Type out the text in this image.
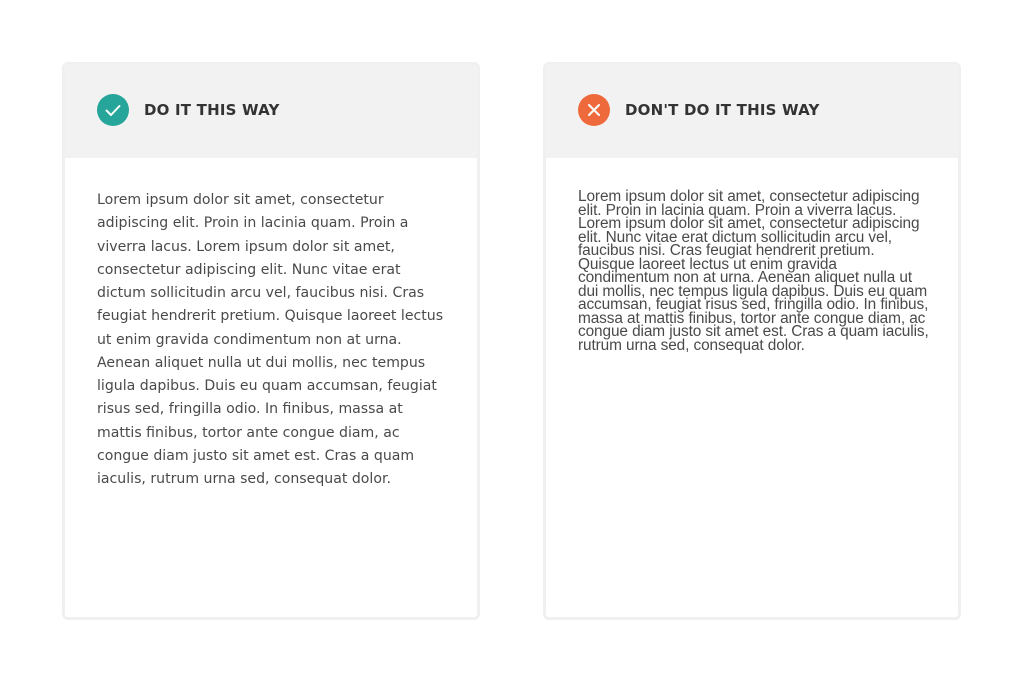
DO IT THIS WAY

Lorem ipsum dolor sit amet, consectetur adipiscing elit. Proin in lacinia quam. Proin a viverra lacus. Lorem ipsum dolor sit amet, consectetur adipiscing elit. Nunc vitae erat dictum sollicitudin arcu vel, faucibus nisi. Cras feugiat hendrerit pretium. Quisque laoreet lectus ut enim gravida condimentum non at urna. Aenean aliquet nulla ut dui mollis, nec tempus ligula dapibus. Duis eu quam accumsan, feugiat risus sed, fringilla odio. In finibus, massa at mattis finibus, tortor ante congue diam, ac congue diam justo sit amet est. Cras a quam iaculis, rutrum urna sed, consequat dolor.

DON'T DO IT THIS WAY

Lorem ipsum dolor sit amet, consectetur adipiscing elit. Proin in lacinia quam. Proin a viverra lacus. Lorem ipsum dolor sit amet, consectetur adipiscing elit. Nunc vitae erat dictum sollicitudin arcu vel, faucibus nisi. Cras feugiat hendrerit pretium. Quisque laoreet lectus ut enim gravida condimentum non at urna. Aenean aliquet nulla ut dui mollis, nec tempus ligula dapibus. Duis eu quam accumsan, feugiat risus sed, fringilla odio. In finibus, massa at mattis finibus, tortor ante congue diam, ac congue diam justo sit amet est. Cras a quam iaculis, rutrum urna sed, consequat dolor.
